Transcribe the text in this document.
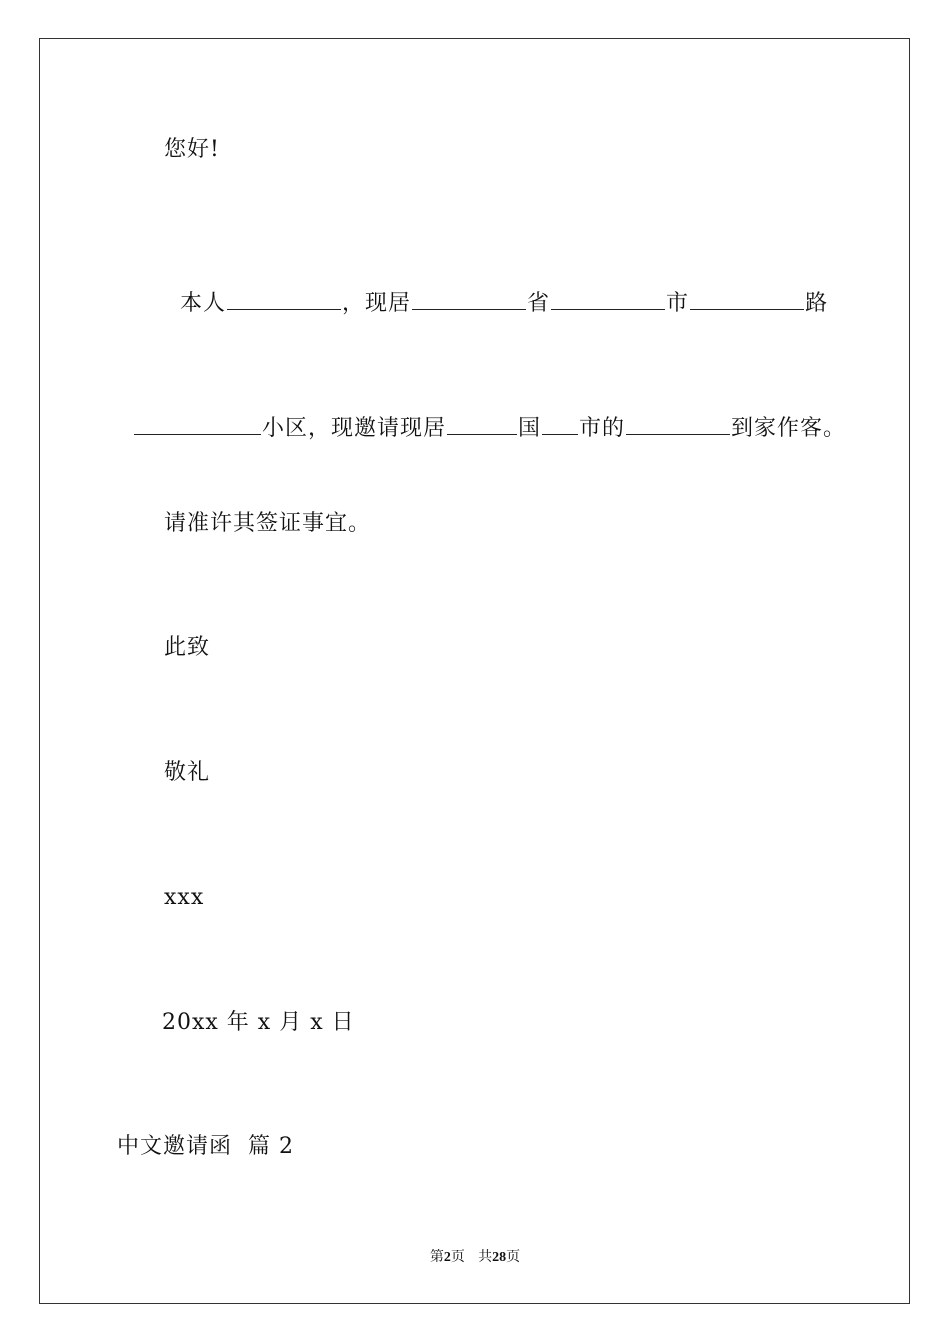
您好!

本人	，现居	省	市	路

小区，现邀请现居	国 市的	到家作客。

请准许其签证事宜。
此致
敬礼
xxx
20xx 年 x 月 x 日
中文邀请函  篇 2
第2页 共28页
